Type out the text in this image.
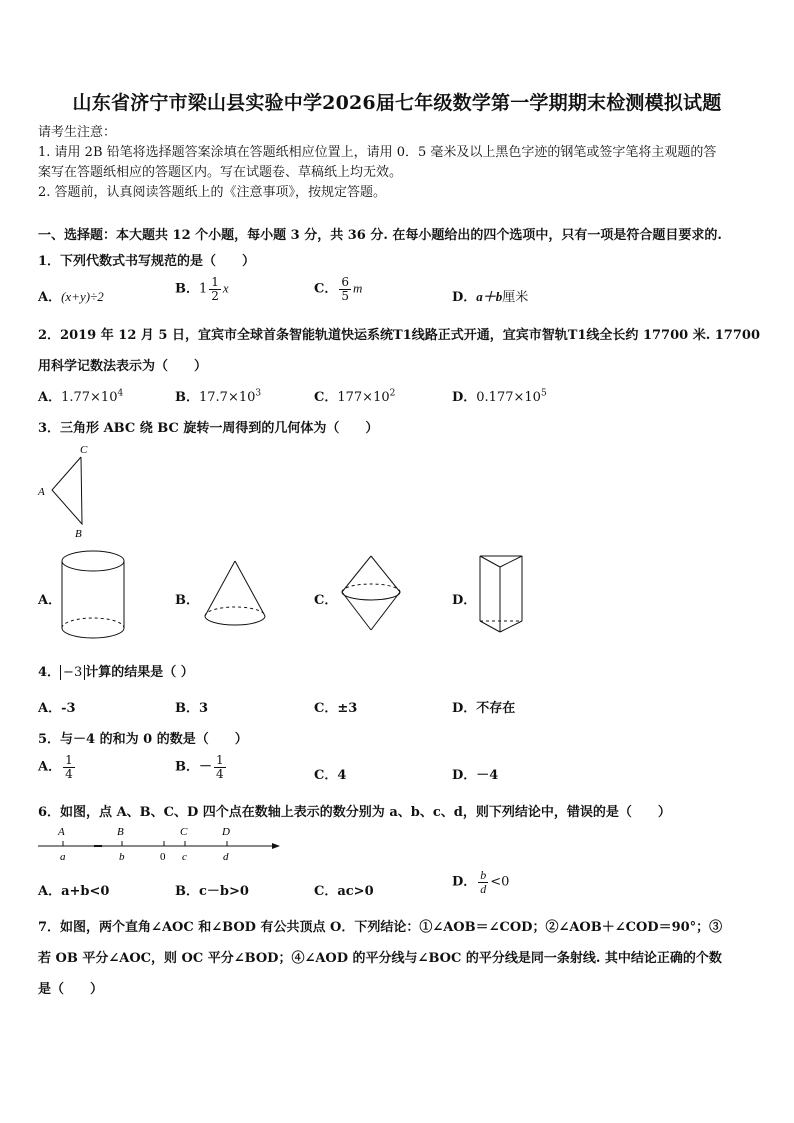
山东省济宁市梁山县实验中学2026届七年级数学第一学期期末检测模拟试题
请考生注意：
1. 请用 2B 铅笔将选择题答案涂填在答题纸相应位置上，请用 0．5 毫米及以上黑色字迹的钢笔或签字笔将主观题的答
案写在答题纸相应的答题区内。写在试题卷、草稿纸上均无效。
2. 答题前，认真阅读答题纸上的《注意事项》，按规定答题。
一、选择题：本大题共 12 个小题，每小题 3 分，共 36 分. 在每小题给出的四个选项中，只有一项是符合题目要求的.
1．下列代数式书写规范的是（　　）
A．(x+y)÷2	B．$1 \frac{1}{2}$ x	C． $\frac{6}{5}$ m
D．a＋b厘米
2．2019 年 12 月 5 日，宜宾市全球首条智能轨道快运系统T1线路正式开通，宜宾市智轨T1线全长约 17700 米. 17700
用科学记数法表示为（　　）
A．$1.77\times 10^4$	B．$17.7\times 10^3$	C．$177\times 10^2$	D．$0.177\times 10^5$
3．三角形 ABC 绕 BC 旋转一周得到的几何体为（　　）
C
A
B
A．	B．	C．	D．
4． −3 计算的结果是（ ）
A．-3	B．3	C．±3	D．不存在
5．与－4 的和为 0 的数是（　　）
A． $\frac{1}{4}$	B．－ $\frac{1}{4}$	C．4	D．－4
6．如图，点 A、B、C、D 四个点在数轴上表示的数分别为 a、b、c、d，则下列结论中，错误的是（　　）
A	B	C	D
a	b	0 c	d
A．a+b<0	B．c－b>0	C．ac>0
D． $\frac{b}{d} <0$
7．如图，两个直角∠AOC 和∠BOD 有公共顶点 O．下列结论：①∠AOB＝∠COD；②∠AOB＋∠COD＝90°；③
若 OB 平分∠AOC，则 OC 平分∠BOD；④∠AOD 的平分线与∠BOC 的平分线是同一条射线. 其中结论正确的个数
是（　　）
